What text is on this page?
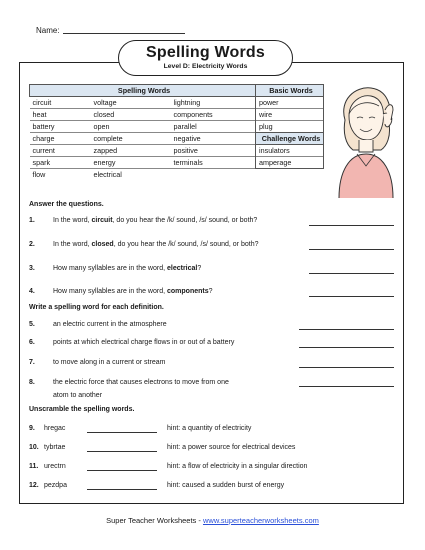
Name:
Spelling Words
Level D: Electricity Words
Spelling Words			Basic Words
circuit	voltage	lightning	power
heat	closed	components	wire
battery	open	parallel	plug
charge	complete	negative	Challenge Words
current	zapped	positive	insulators
spark	energy	terminals	amperage
flow	electrical		
Answer the questions.
1.	In the word, circuit, do you hear the /k/ sound, /s/ sound, or both?
2.	In the word, closed, do you hear the /k/ sound, /s/ sound, or both?
3.	How many syllables are in the word, electrical?
4.	How many syllables are in the word, components?
Write a spelling word for each definition.
5.	an electric current in the atmosphere
6.	points at which electrical charge flows in or out of a battery
7.	to move along in a current or stream
8.	the electric force that causes electrons to move from one
atom to another
Unscramble the spelling words.
9. hregac	hint: a quantity of electricity
10. tybrtae	hint: a power source for electrical devices
11. urectrn	hint: a flow of electricity in a singular direction
12. pezdpa	hint: caused a sudden burst of energy
Super Teacher Worksheets - www.superteacherworksheets.com
